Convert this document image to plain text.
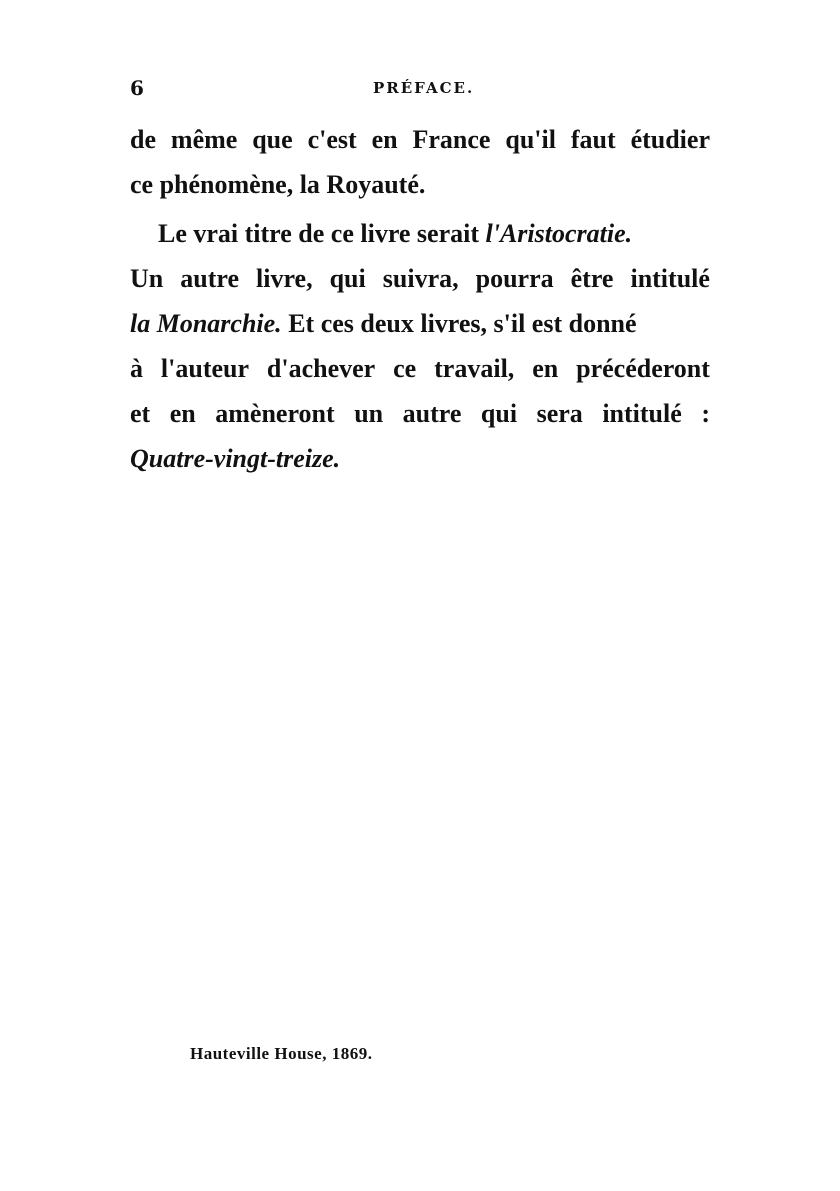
6	PRÉFACE.
de même que c'est en France qu'il faut étudier
ce phénomène, la Royauté.
Le vrai titre de ce livre serait l'Aristocratie.
Un autre livre, qui suivra, pourra être intitulé
la Monarchie. Et ces deux livres, s'il est donné
à l'auteur d'achever ce travail, en précéderont
et en amèneront un autre qui sera intitulé :
Quatre-vingt-treize.
Hauteville House, 1869.
